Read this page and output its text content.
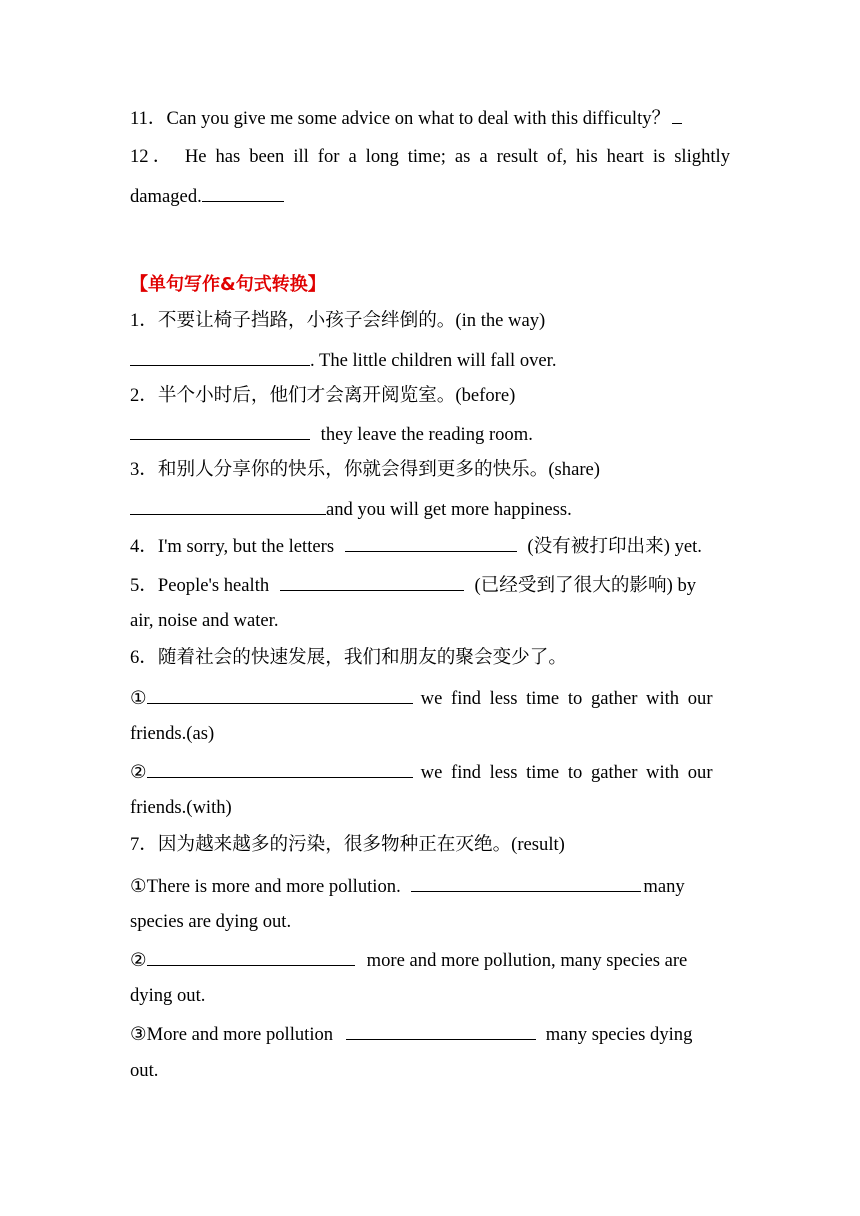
11．Can you give me some advice on what to deal with this difficulty？
12． He has been ill for a long time; as a result of, his heart is slightly
damaged.
【单句写作&句式转换】
1．不要让椅子挡路，小孩子会绊倒的。(in the way)
. The little children will fall over.
2．半个小时后，他们才会离开阅览室。(before)
they leave the reading room.
3．和别人分享你的快乐，你就会得到更多的快乐。(share)
and you will get more happiness.
4．I'm sorry, but the letters	(没有被打印出来) yet.
5．People's health	(已经受到了很大的影响) by
air, noise and water.
6．随着社会的快速发展，我们和朋友的聚会变少了。
①	we find less time to gather with our
friends.(as)
②	we find less time to gather with our
friends.(with)
7．因为越来越多的污染，很多物种正在灭绝。(result)
①There is more and more pollution.	many
species are dying out.
②	more and more pollution, many species are
dying out.
③More and more pollution	many species dying
out.
